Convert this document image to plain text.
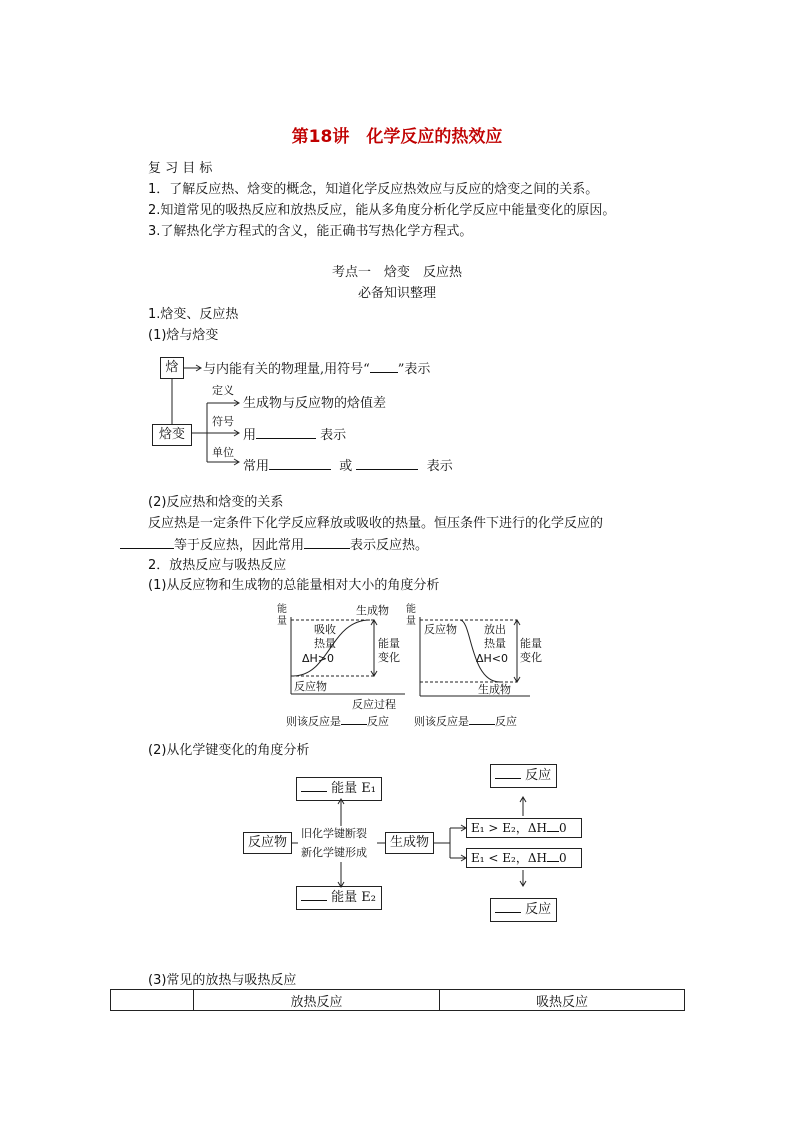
第18讲　化学反应的热效应
复 习 目 标
1．了解反应热、焓变的概念，知道化学反应热效应与反应的焓变之间的关系。
2.知道常见的吸热反应和放热反应，能从多角度分析化学反应中能量变化的原因。
3.了解热化学方程式的含义，能正确书写热化学方程式。
考点一　焓变　反应热
必备知识整理
1.焓变、反应热
(1)焓与焓变
焓	与内能有关的物理量,用符号“ ”表示
焓变
定义
生成物与反应物的焓值差
符号
用	表示
单位
常用	或	表示
(2)反应热和焓变的关系
反应热是一定条件下化学反应释放或吸收的热量。恒压条件下进行的化学反应的
等于反应热，因此常用	表示反应热。
2．放热反应与吸热反应
(1)从反应物和生成物的总能量相对大小的角度分析
能
量
生成物
吸收
热量
ΔH>0
能量
变化
反应物
反应过程
则该反应是 反应
能
量
反应物 放出
热量
ΔH<0
能量
变化
生成物
则该反应是 反应
(2)从化学键变化的角度分析
能量 E₁
能量 E₂
反应物
旧化学键断裂
新化学键形成
生成物
E₁ > E₂，ΔH 0
E₁ < E₂，ΔH 0
反应
反应
(3)常见的放热与吸热反应
	放热反应	吸热反应
